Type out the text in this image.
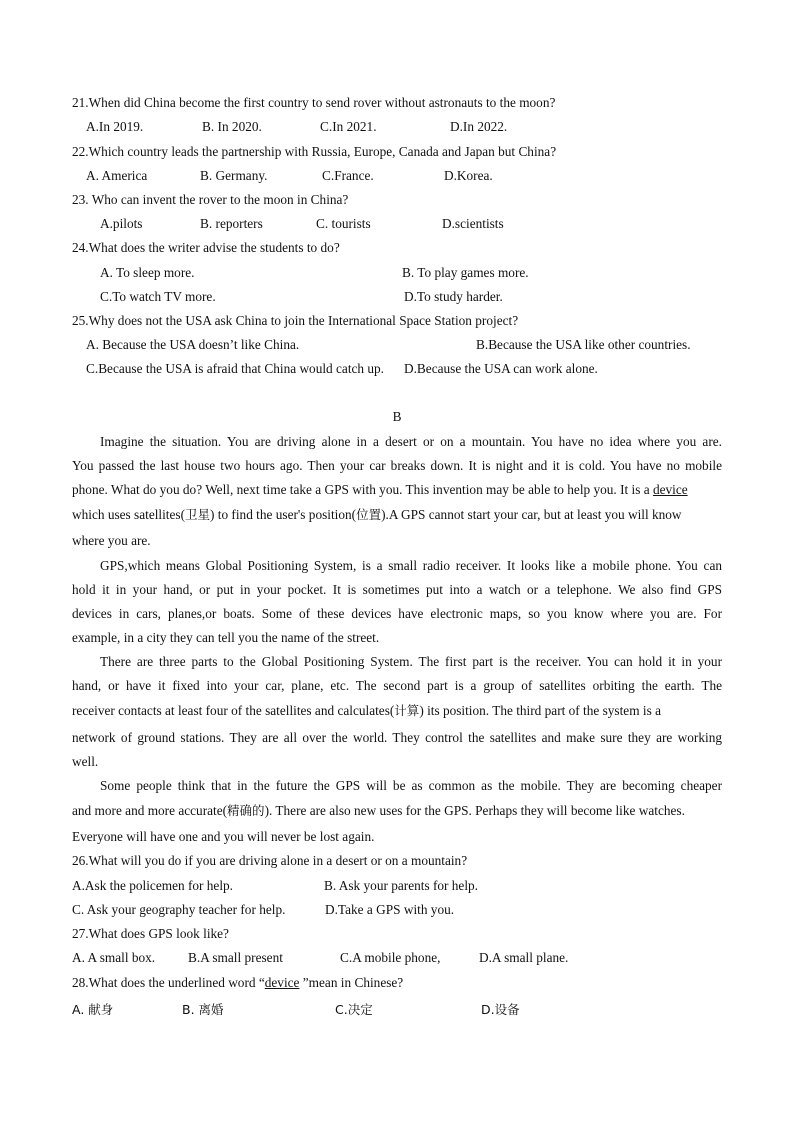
21.When did China become the first country to send rover without astronauts to the moon?
A.In 2019.	B. In 2020.	C.In 2021.	D.In 2022.
22.Which country leads the partnership with Russia, Europe, Canada and Japan but China?
A. America	B. Germany.	C.France.	D.Korea.
23. Who can invent the rover to the moon in China?
A.pilots	B. reporters	C. tourists	D.scientists
24.What does the writer advise the students to do?
A. To sleep more.	B. To play games more.
C.To watch TV more.	D.To study harder.
25.Why does not the USA ask China to join the International Space Station project?
A. Because the USA doesn’t like China.	B.Because the USA like other countries.
C.Because the USA is afraid that China would catch up. D.Because the USA can work alone.
B
Imagine the situation. You are driving alone in a desert or on a mountain. You have no idea where you are.
You passed the last house two hours ago. Then your car breaks down. It is night and it is cold. You have no mobile
phone. What do you do? Well, next time take a GPS with you. This invention may be able to help you. It is a device
which uses satellites(卫星) to find the user's position(位置).A GPS cannot start your car, but at least you will know
where you are.
GPS,which means Global Positioning System, is a small radio receiver. It looks like a mobile phone. You can
hold it in your hand, or put in your pocket. It is sometimes put into a watch or a telephone. We also find GPS
devices in cars, planes,or boats. Some of these devices have electronic maps, so you know where you are. For
example, in a city they can tell you the name of the street.
There are three parts to the Global Positioning System. The first part is the receiver. You can hold it in your
hand, or have it fixed into your car, plane, etc. The second part is a group of satellites orbiting the earth. The
receiver contacts at least four of the satellites and calculates(计算) its position. The third part of the system is a
network of ground stations. They are all over the world. They control the satellites and make sure they are working
well.
Some people think that in the future the GPS will be as common as the mobile. They are becoming cheaper
and more and more accurate(精确的). There are also new uses for the GPS. Perhaps they will become like watches.
Everyone will have one and you will never be lost again.
26.What will you do if you are driving alone in a desert or on a mountain?
A.Ask the policemen for help.	B. Ask your parents for help.
C. Ask your geography teacher for help.	D.Take a GPS with you.
27.What does GPS look like?
A. A small box. B.A small present	C.A mobile phone,	D.A small plane.
28.What does the underlined word “device ”mean in Chinese?
A. 献身	B. 离婚	C.决定	D.设备
